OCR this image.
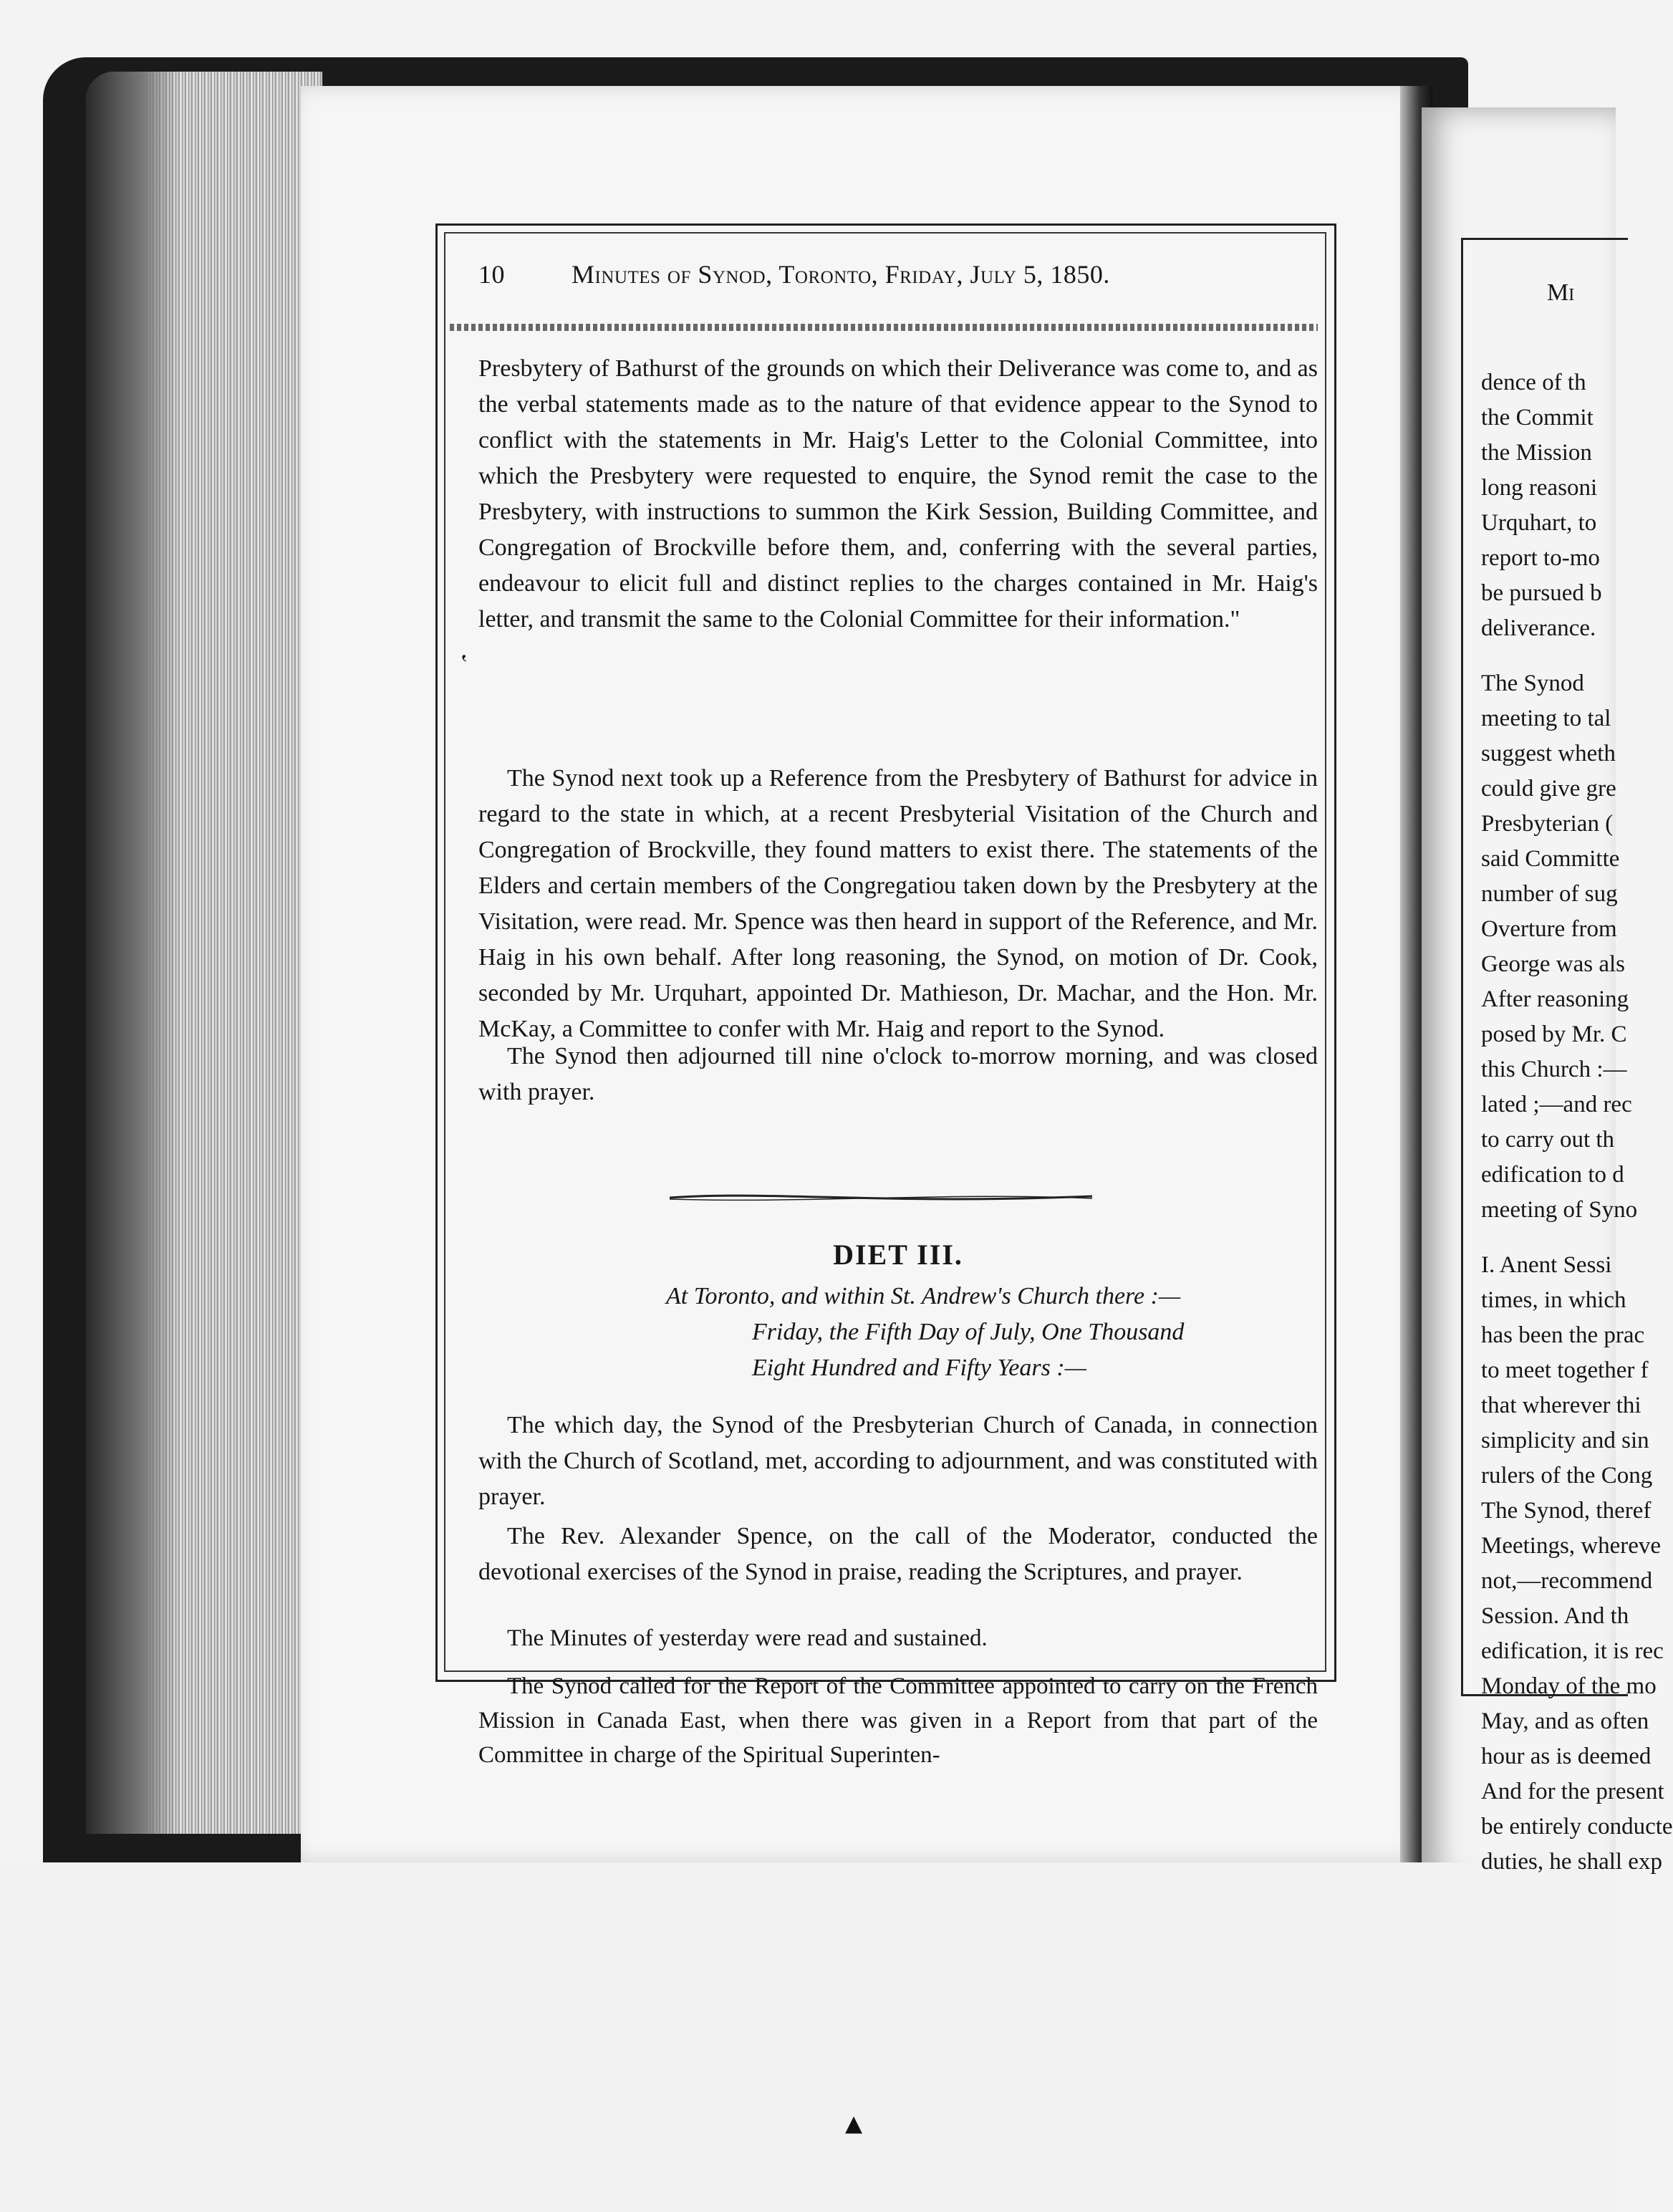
▴
10	Minutes of Synod, Toronto, Friday, July 5, 1850.
‛
Presbytery of Bathurst of the grounds on which their Deliverance was come to, and as the verbal statements made as to the nature of that evidence appear to the Synod to conflict with the statements in Mr. Haig's Letter to the Colonial Committee, into which the Presbytery were requested to enquire, the Synod remit the case to the Presbytery, with instructions to summon the Kirk Session, Building Committee, and Congregation of Brockville before them, and, conferring with the several parties, endeavour to elicit full and distinct replies to the charges contained in Mr. Haig's letter, and transmit the same to the Colonial Committee for their information."
The Synod next took up a Reference from the Presbytery of Bathurst for advice in regard to the state in which, at a recent Presbyterial Visitation of the Church and Congregation of Brockville, they found matters to exist there. The statements of the Elders and certain members of the Congregatiou taken down by the Presbytery at the Visitation, were read. Mr. Spence was then heard in support of the Reference, and Mr. Haig in his own behalf. After long reasoning, the Synod, on motion of Dr. Cook, seconded by Mr. Urquhart, appointed Dr. Mathieson, Dr. Machar, and the Hon. Mr. McKay, a Committee to confer with Mr. Haig and report to the Synod.
The Synod then adjourned till nine o'clock to-morrow morning, and was closed with prayer.
DIET III.
At Toronto, and within St. Andrew's Church there :—
Friday, the Fifth Day of July, One Thousand
Eight Hundred and Fifty Years :—
The which day, the Synod of the Presbyterian Church of Canada, in connection with the Church of Scotland, met, according to adjournment, and was constituted with prayer.
The Rev. Alexander Spence, on the call of the Moderator, conducted the devotional exercises of the Synod in praise, reading the Scriptures, and prayer.
The Minutes of yesterday were read and sustained.
The Synod called for the Report of the Committee appointed to carry on the French Mission in Canada East, when there was given in a Report from that part of the Committee in charge of the Spiritual Superinten-
Mi
dence of th
the Commit
the Mission
long reasoni
Urquhart, to
report to-mo
be pursued b
deliverance.
The Synod
meeting to tal
suggest wheth
could give gre
Presbyterian (
said Committe
number of sug
Overture from
George was als
After reasoning
posed by Mr. C
this Church :—
lated ;—and rec
to carry out th
edification to d
meeting of Syno
I. Anent Sessi
times, in which
has been the prac
to meet together f
that wherever thi
simplicity and sin
rulers of the Cong
The Synod, theref
Meetings, whereve
not,—recommend
Session. And th
edification, it is rec
Monday of the mo
May, and as often
hour as is deemed
And for the present
be entirely conducte
duties, he shall exp
